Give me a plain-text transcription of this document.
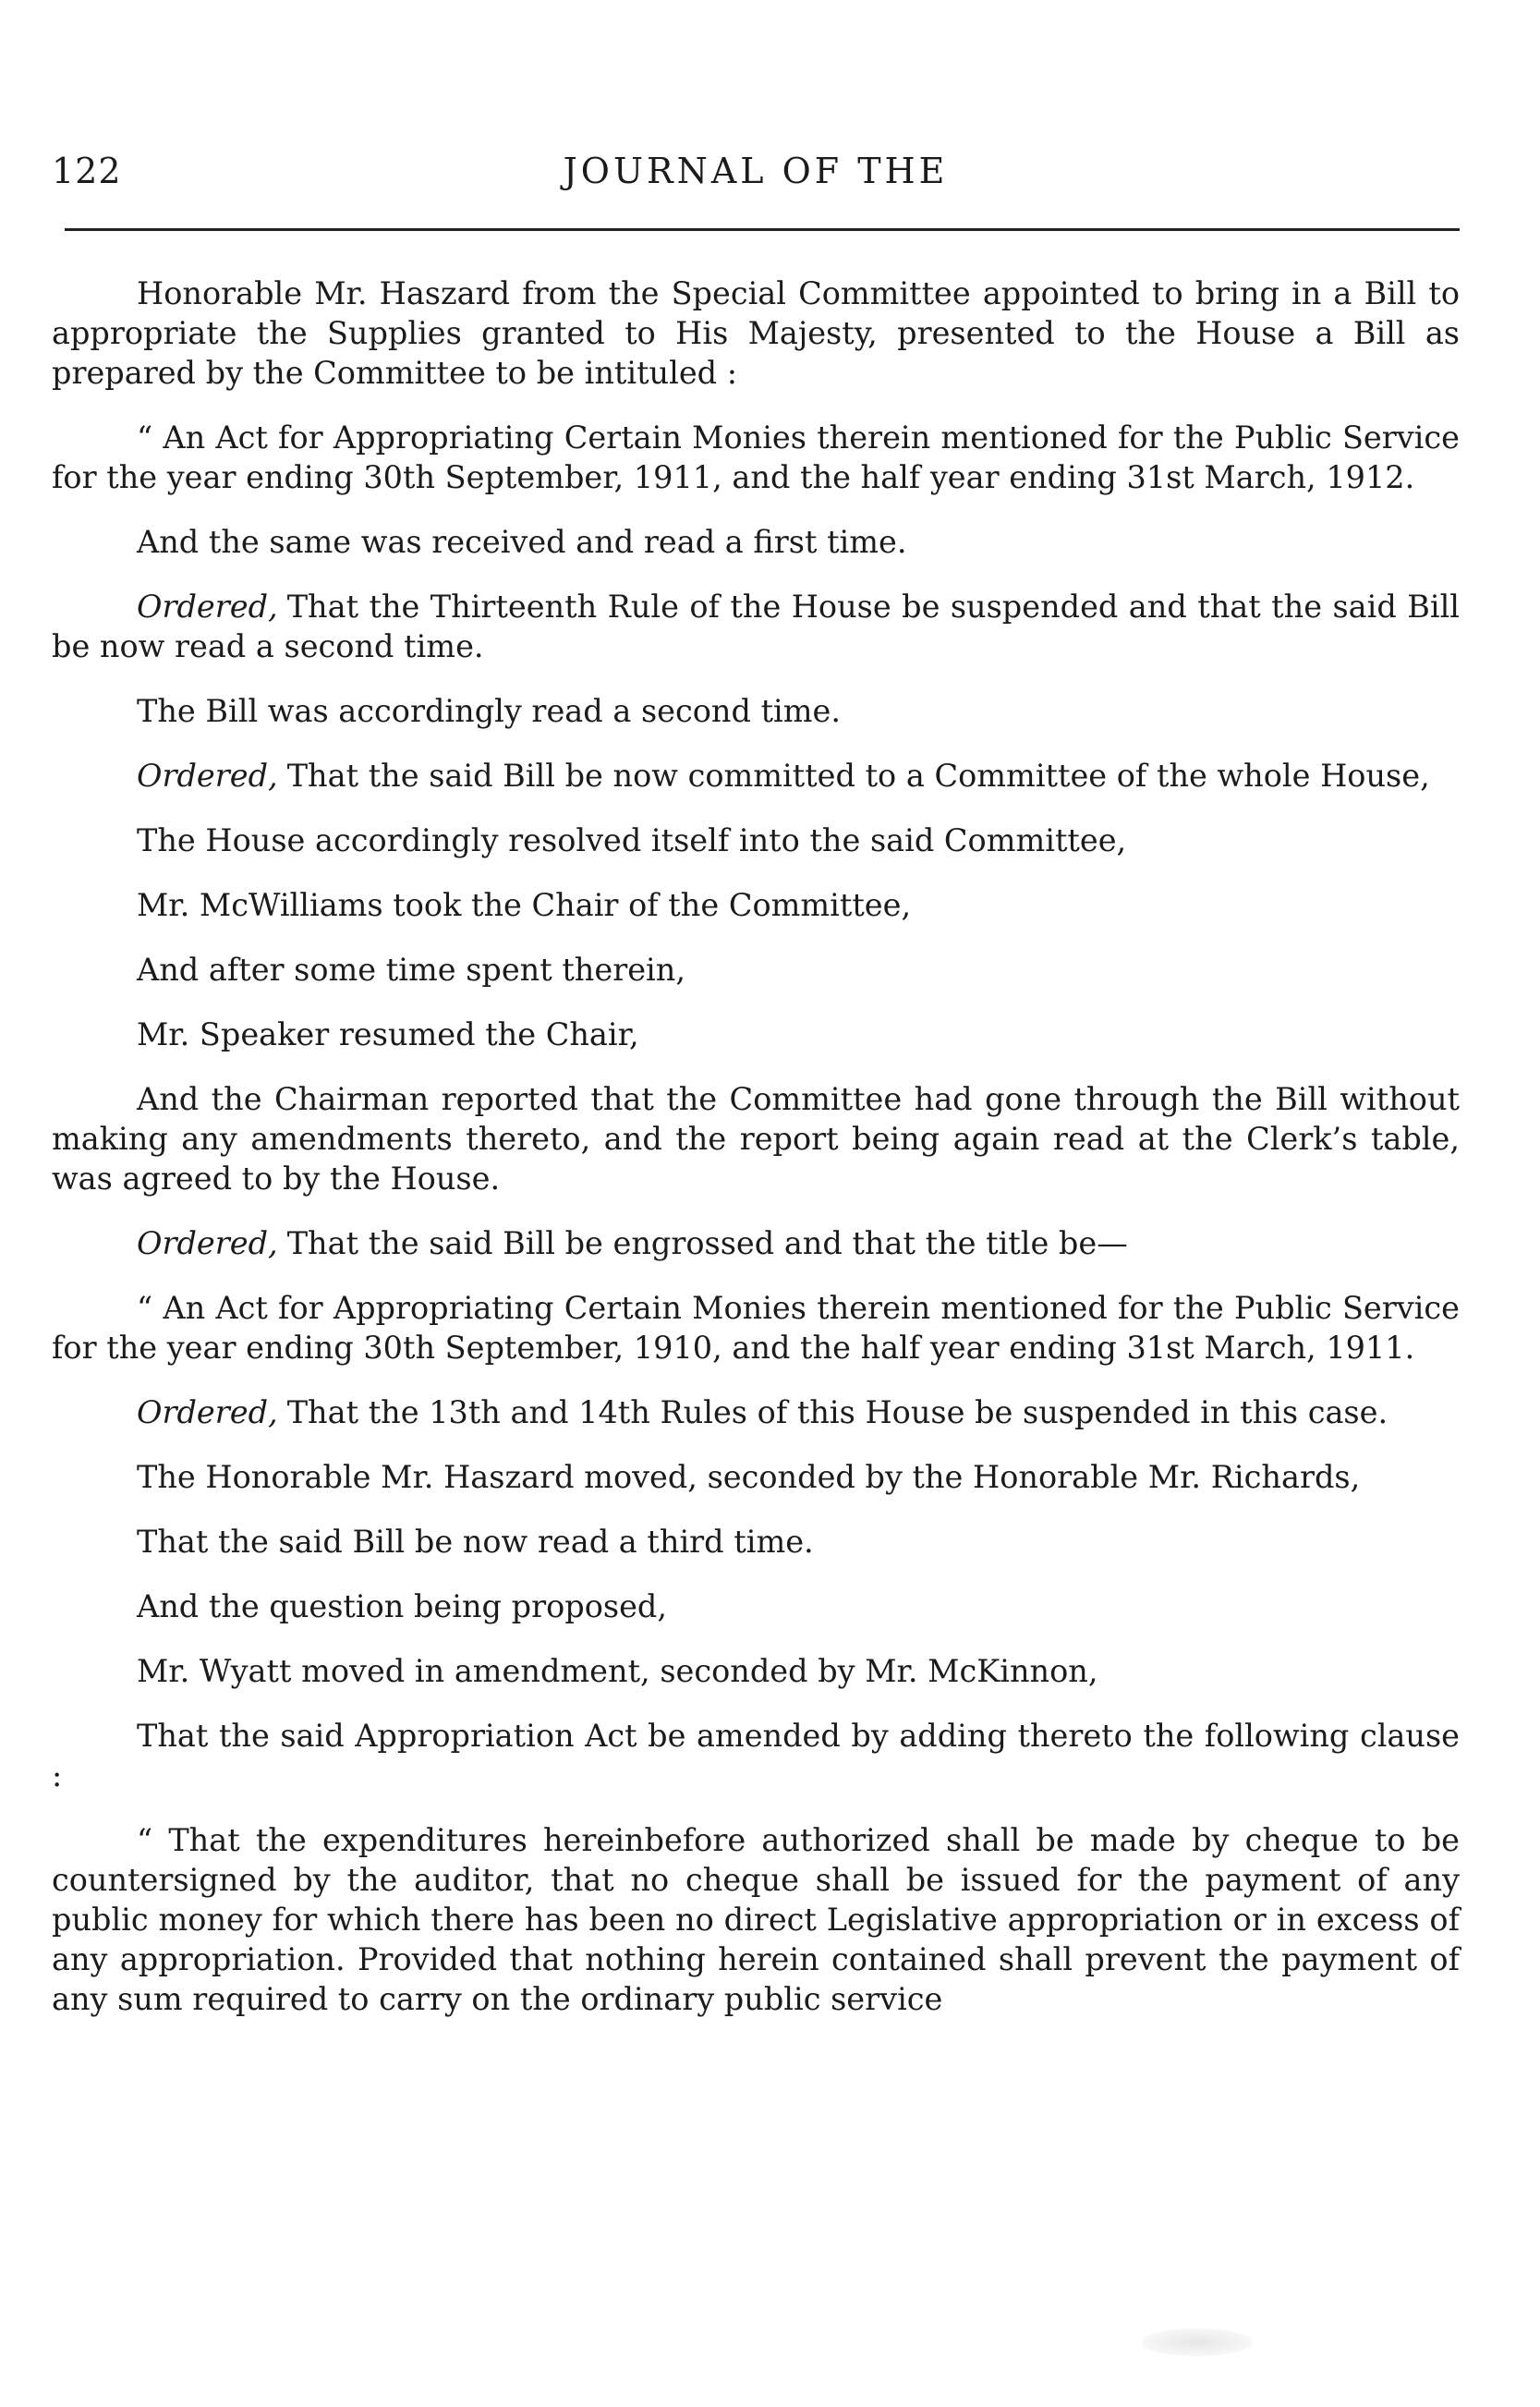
122	JOURNAL OF THE

Honorable Mr. Haszard from the Special Committee appointed to bring in a Bill to appropriate the Supplies granted to His Majesty, presented to the House a Bill as prepared by the Committee to be intituled :

“ An Act for Appropriating Certain Monies therein mentioned for the Public Service for the year ending 30th September, 1911, and the half year ending 31st March, 1912.

And the same was received and read a first time.

Ordered, That the Thirteenth Rule of the House be suspended and that the said Bill be now read a second time.

The Bill was accordingly read a second time.

Ordered, That the said Bill be now committed to a Committee of the whole House,

The House accordingly resolved itself into the said Committee,

Mr. McWilliams took the Chair of the Committee,

And after some time spent therein,

Mr. Speaker resumed the Chair,

And the Chairman reported that the Committee had gone through the Bill without making any amendments thereto, and the report being again read at the Clerk’s table, was agreed to by the House.

Ordered, That the said Bill be engrossed and that the title be—

“ An Act for Appropriating Certain Monies therein mentioned for the Public Service for the year ending 30th September, 1910, and the half year ending 31st March, 1911.

Ordered, That the 13th and 14th Rules of this House be suspended in this case.

The Honorable Mr. Haszard moved, seconded by the Honorable Mr. Richards,

That the said Bill be now read a third time.

And the question being proposed,

Mr. Wyatt moved in amendment, seconded by Mr. McKinnon,

That the said Appropriation Act be amended by adding thereto the following clause :

“ That the expenditures hereinbefore authorized shall be made by cheque to be countersigned by the auditor, that no cheque shall be issued for the payment of any public money for which there has been no direct Legislative appropriation or in excess of any appropriation. Provided that nothing herein contained shall prevent the payment of any sum required to carry on the ordinary public service
